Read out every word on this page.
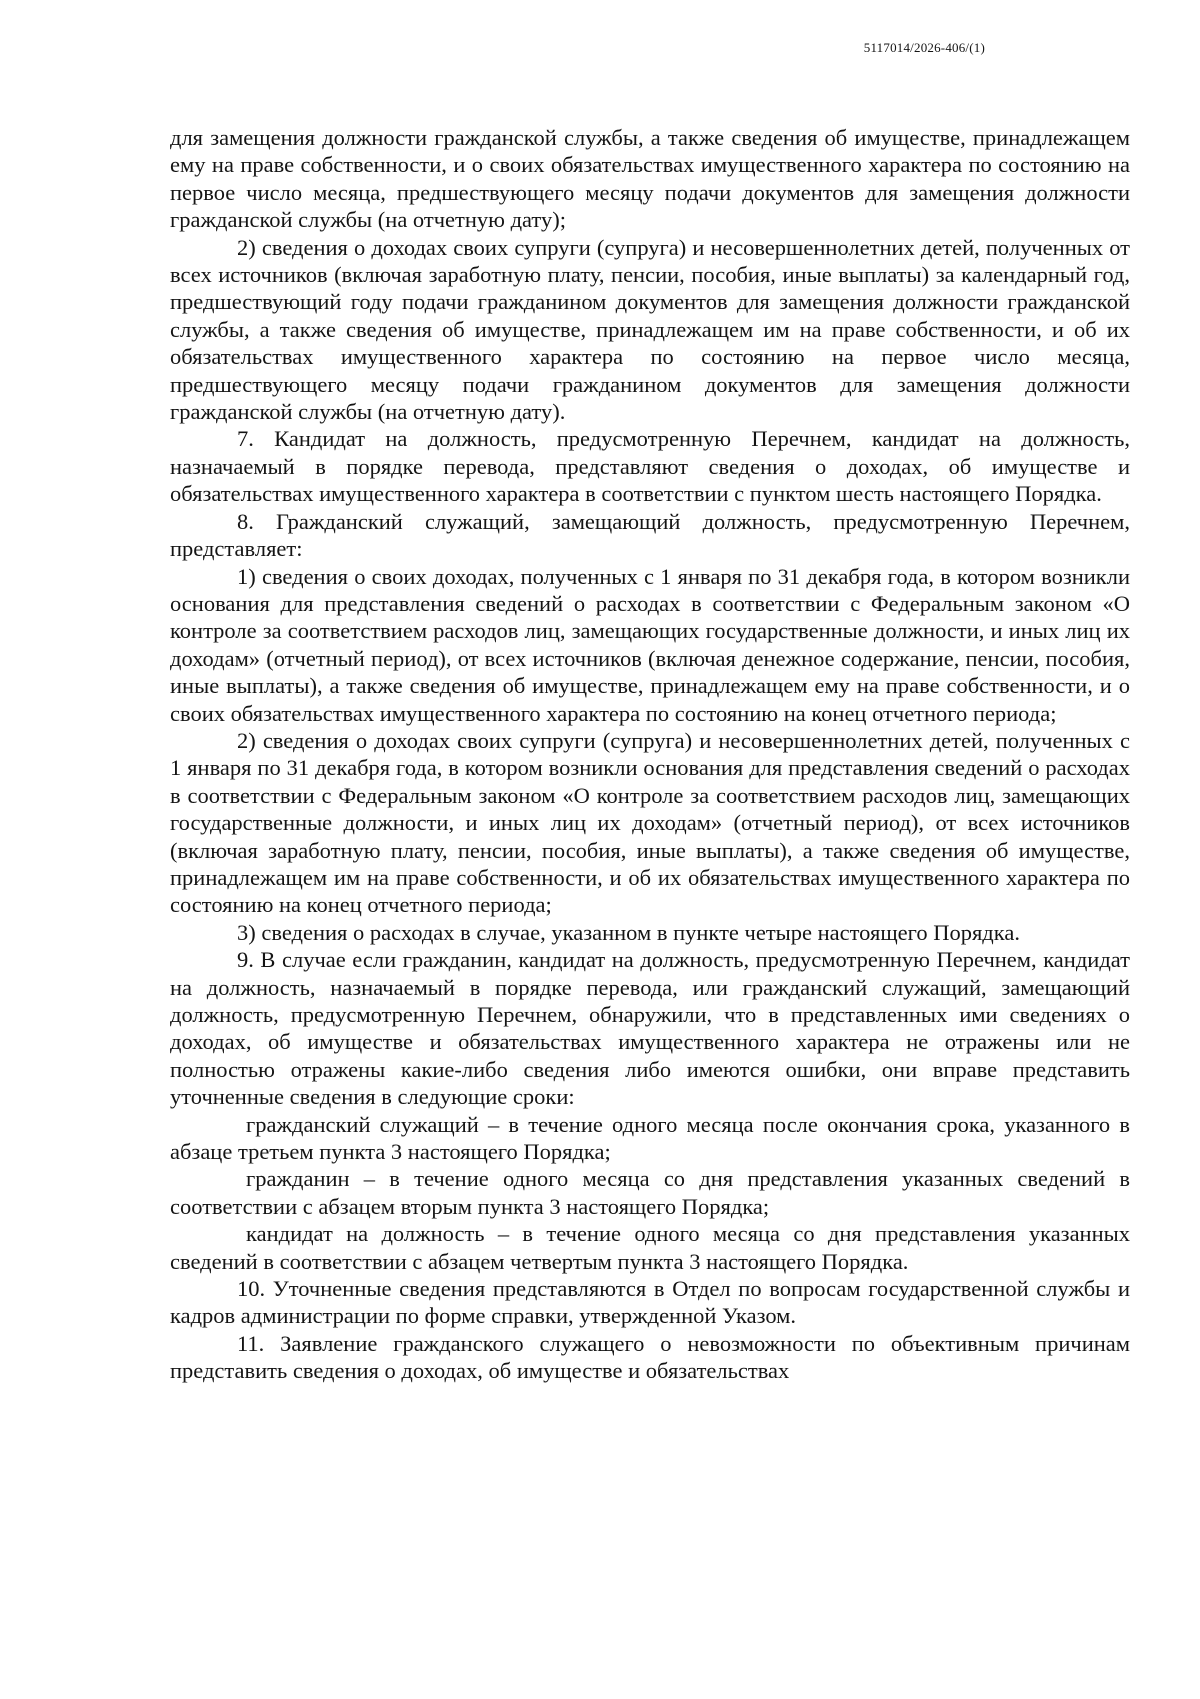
5117014/2026-406/(1)

для замещения должности гражданской службы, а также сведения об имуществе, принадлежащем ему на праве собственности, и о своих обязательствах имущественного характера по состоянию на первое число месяца, предшествующего месяцу подачи документов для замещения должности гражданской службы (на отчетную дату);

2) сведения о доходах своих супруги (супруга) и несовершеннолетних детей, полученных от всех источников (включая заработную плату, пенсии, пособия, иные выплаты) за календарный год, предшествующий году подачи гражданином документов для замещения должности гражданской службы, а также сведения об имуществе, принадлежащем им на праве собственности, и об их обязательствах имущественного характера по состоянию на первое число месяца, предшествующего месяцу подачи гражданином документов для замещения должности гражданской службы (на отчетную дату).

7. Кандидат на должность, предусмотренную Перечнем, кандидат на должность, назначаемый в порядке перевода, представляют сведения о доходах, об имуществе и обязательствах имущественного характера в соответствии с пунктом шесть настоящего Порядка.

8. Гражданский служащий, замещающий должность, предусмотренную Перечнем, представляет:

1) сведения о своих доходах, полученных с 1 января по 31 декабря года, в котором возникли основания для представления сведений о расходах в соответствии с Федеральным законом «О контроле за соответствием расходов лиц, замещающих государственные должности, и иных лиц их доходам» (отчетный период), от всех источников (включая денежное содержание, пенсии, пособия, иные выплаты), а также сведения об имуществе, принадлежащем ему на праве собственности, и о своих обязательствах имущественного характера по состоянию на конец отчетного периода;

2) сведения о доходах своих супруги (супруга) и несовершеннолетних детей, полученных с 1 января по 31 декабря года, в котором возникли основания для представления сведений о расходах в соответствии с Федеральным законом «О контроле за соответствием расходов лиц, замещающих государственные должности, и иных лиц их доходам» (отчетный период), от всех источников (включая заработную плату, пенсии, пособия, иные выплаты), а также сведения об имуществе, принадлежащем им на праве собственности, и об их обязательствах имущественного характера по состоянию на конец отчетного периода;

3) сведения о расходах в случае, указанном в пункте четыре настоящего Порядка.

9. В случае если гражданин, кандидат на должность, предусмотренную Перечнем, кандидат на должность, назначаемый в порядке перевода, или гражданский служащий, замещающий должность, предусмотренную Перечнем, обнаружили, что в представленных ими сведениях о доходах, об имуществе и обязательствах имущественного характера не отражены или не полностью отражены какие-либо сведения либо имеются ошибки, они вправе представить уточненные сведения в следующие сроки:

гражданский служащий – в течение одного месяца после окончания срока, указанного в абзаце третьем пункта 3 настоящего Порядка;

гражданин – в течение одного месяца со дня представления указанных сведений в соответствии с абзацем вторым пункта 3 настоящего Порядка;

кандидат на должность – в течение одного месяца со дня представления указанных сведений в соответствии с абзацем четвертым пункта 3 настоящего Порядка.

10. Уточненные сведения представляются в Отдел по вопросам государственной службы и кадров администрации по форме справки, утвержденной Указом.

11. Заявление гражданского служащего о невозможности по объективным причинам представить сведения о доходах, об имуществе и обязательствах
